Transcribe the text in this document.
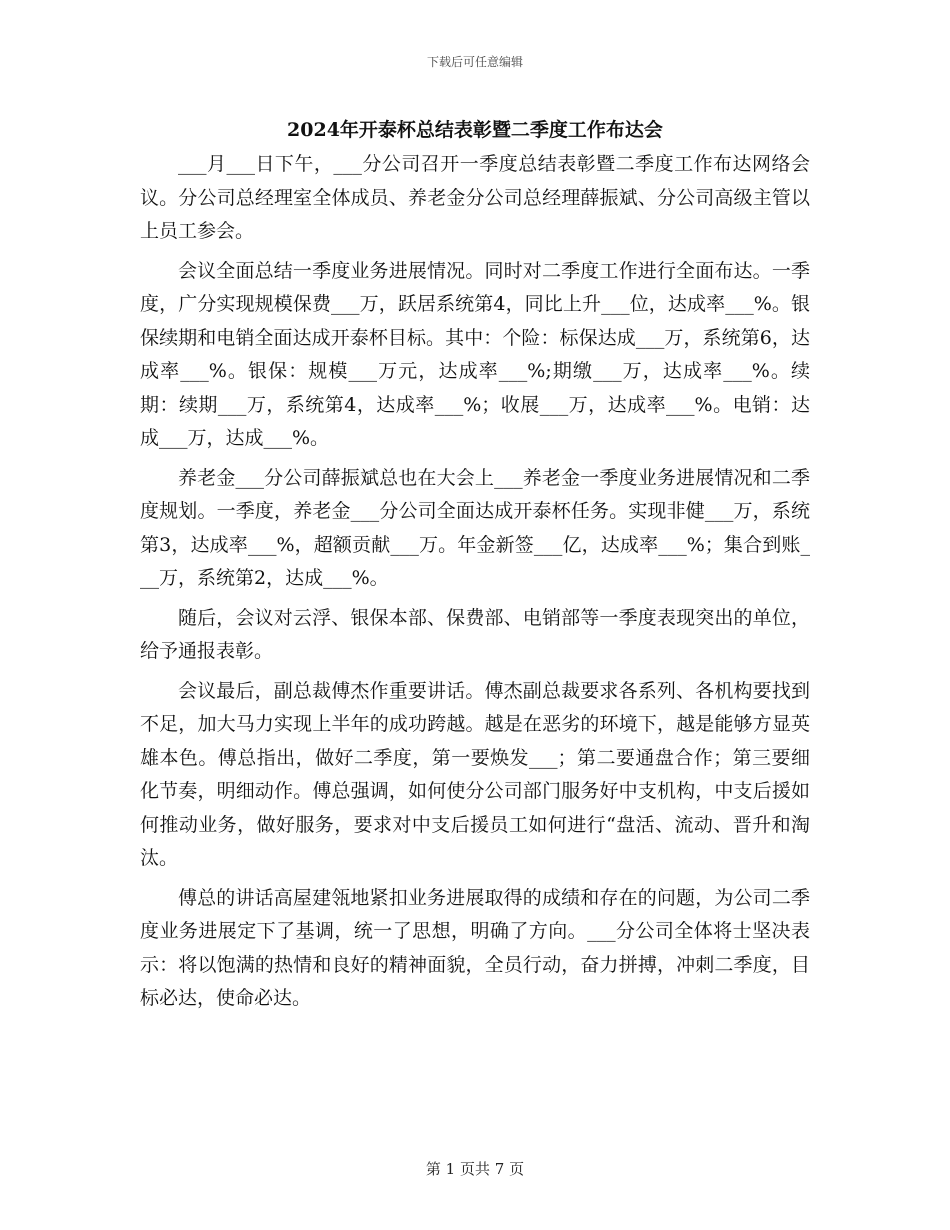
下载后可任意编辑
2024年开泰杯总结表彰暨二季度工作布达会

___月___日下午，___分公司召开一季度总结表彰暨二季度工作布达网络会议。分公司总经理室全体成员、养老金分公司总经理薛振斌、分公司高级主管以上员工参会。

会议全面总结一季度业务进展情况。同时对二季度工作进行全面布达。一季度，广分实现规模保费___万，跃居系统第4，同比上升___位，达成率___%。银保续期和电销全面达成开泰杯目标。其中：个险：标保达成___万，系统第6，达成率___%。银保：规模___万元，达成率___%;期缴___万，达成率___%。续期：续期___万，系统第4，达成率___%；收展___万，达成率___%。电销：达成___万，达成___%。

养老金___分公司薛振斌总也在大会上___养老金一季度业务进展情况和二季度规划。一季度，养老金___分公司全面达成开泰杯任务。实现非健___万，系统第3，达成率___%，超额贡献___万。年金新签___亿，达成率___%；集合到账___万，系统第2，达成___%。

随后，会议对云浮、银保本部、保费部、电销部等一季度表现突出的单位，给予通报表彰。

会议最后，副总裁傅杰作重要讲话。傅杰副总裁要求各系列、各机构要找到不足，加大马力实现上半年的成功跨越。越是在恶劣的环境下，越是能够方显英雄本色。傅总指出，做好二季度，第一要焕发___；第二要通盘合作；第三要细化节奏，明细动作。傅总强调，如何使分公司部门服务好中支机构，中支后援如何推动业务，做好服务，要求对中支后援员工如何进行“盘活、流动、晋升和淘汰。

傅总的讲话高屋建瓴地紧扣业务进展取得的成绩和存在的问题，为公司二季度业务进展定下了基调，统一了思想，明确了方向。___分公司全体将士坚决表示：将以饱满的热情和良好的精神面貌，全员行动，奋力拼搏，冲刺二季度，目标必达，使命必达。

第 1 页共 7 页
